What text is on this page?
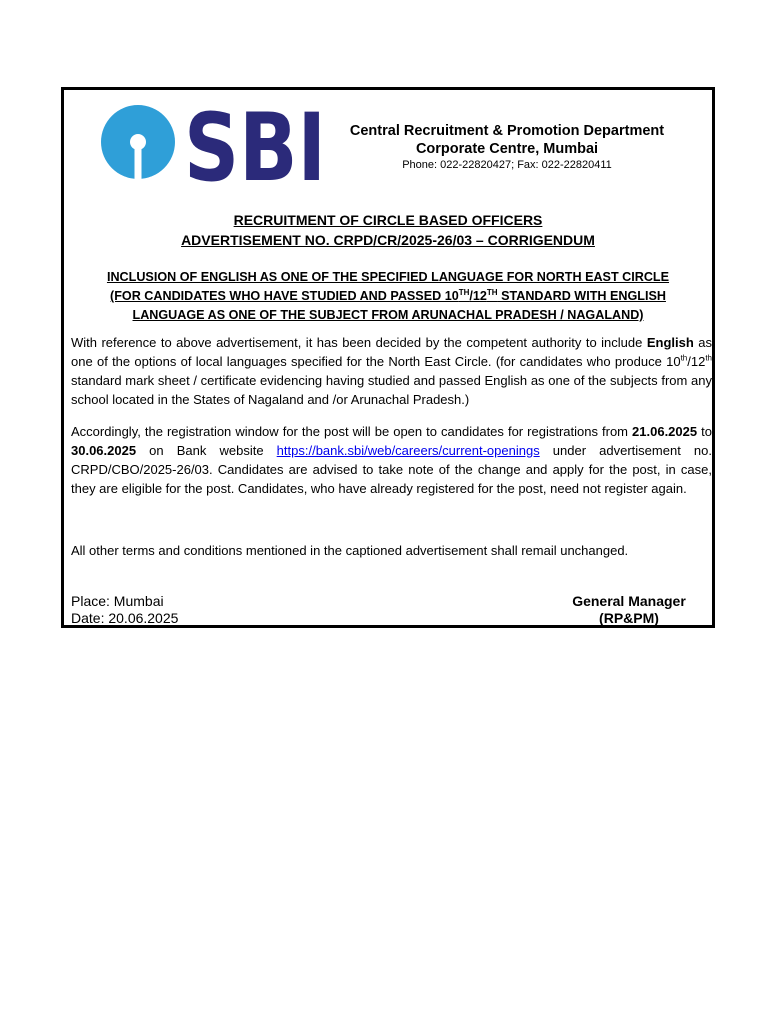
SBI	Central Recruitment & Promotion Department
Corporate Centre, Mumbai
Phone: 022-22820427; Fax: 022-22820411
RECRUITMENT OF CIRCLE BASED OFFICERS
ADVERTISEMENT NO. CRPD/CR/2025-26/03 – CORRIGENDUM
INCLUSION OF ENGLISH AS ONE OF THE SPECIFIED LANGUAGE FOR NORTH EAST CIRCLE
(FOR CANDIDATES WHO HAVE STUDIED AND PASSED 10TH/12TH STANDARD WITH ENGLISH
LANGUAGE AS ONE OF THE SUBJECT FROM ARUNACHAL PRADESH / NAGALAND)
With reference to above advertisement, it has been decided by the competent authority to include English as one of the options of local languages specified for the North East Circle. (for candidates who produce 10th/12th standard mark sheet / certificate evidencing having studied and passed English as one of the subjects from any school located in the States of Nagaland and /or Arunachal Pradesh.)
Accordingly, the registration window for the post will be open to candidates for registrations from 21.06.2025 to 30.06.2025 on Bank website https://bank.sbi/web/careers/current-openings under advertisement no. CRPD/CBO/2025-26/03. Candidates are advised to take note of the change and apply for the post, in case, they are eligible for the post. Candidates, who have already registered for the post, need not register again.
All other terms and conditions mentioned in the captioned advertisement shall remail unchanged.
Place: Mumbai
Date: 20.06.2025
General Manager
(RP&PM)
